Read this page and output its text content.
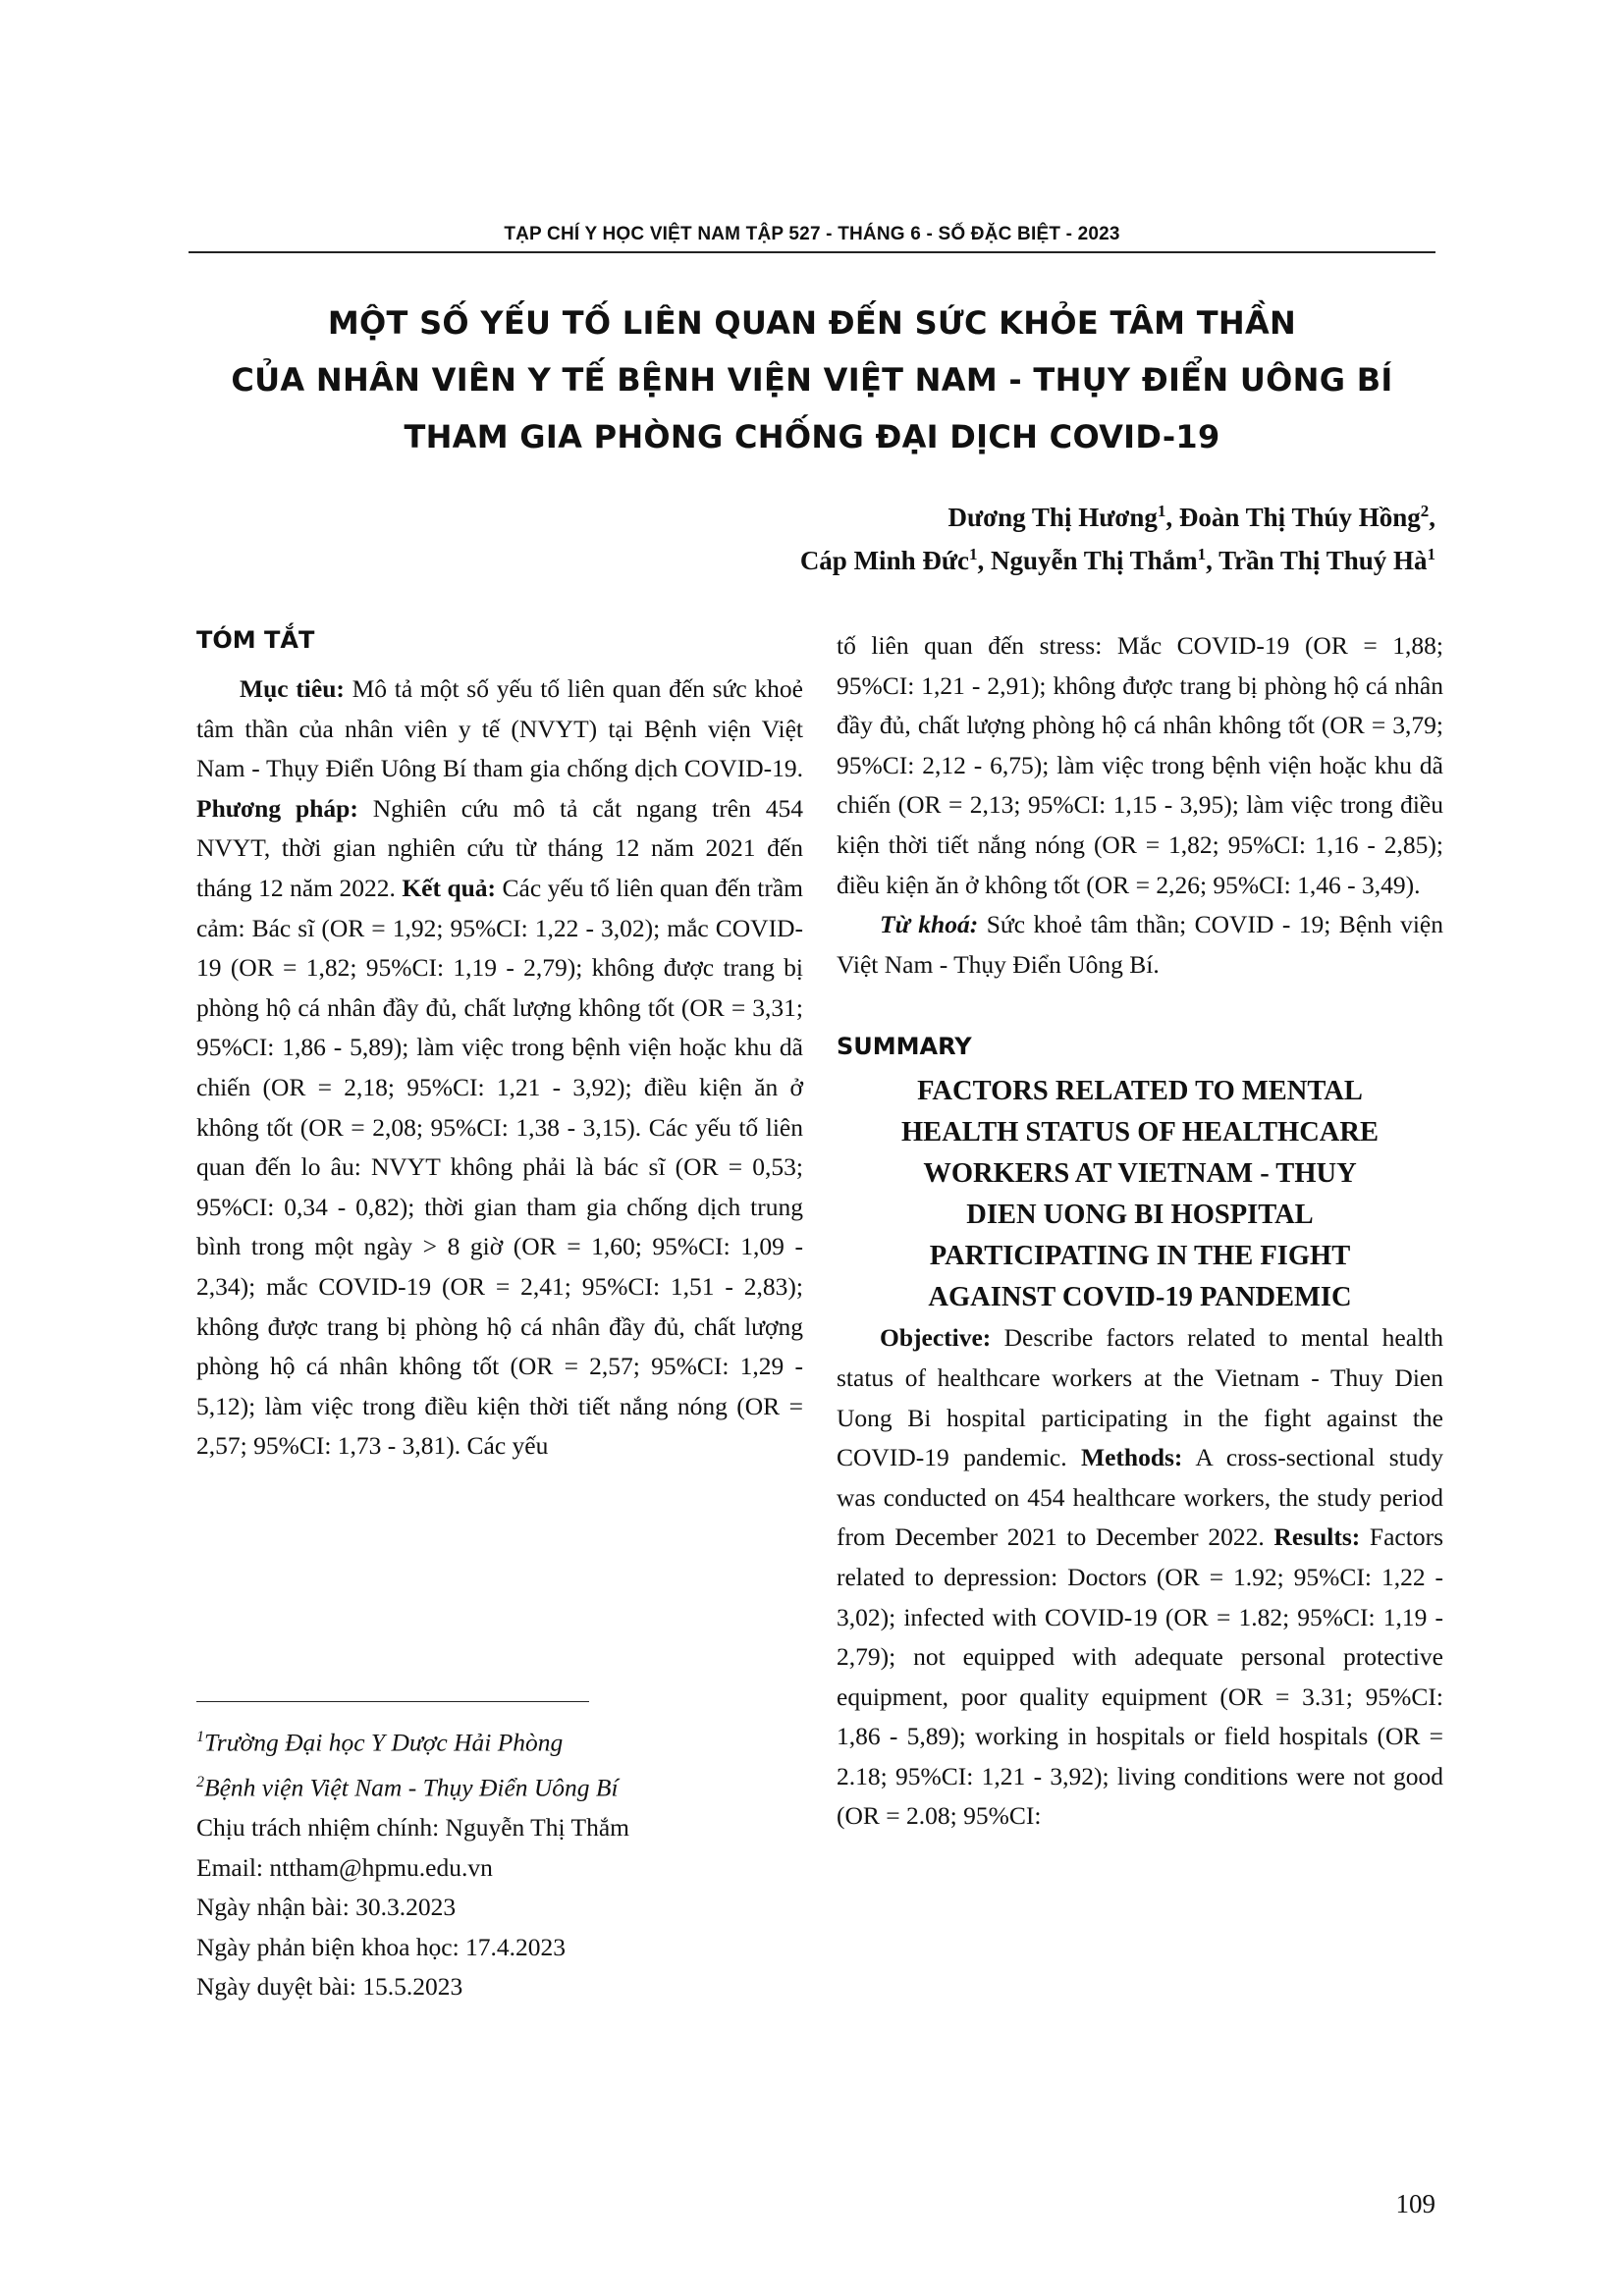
TẠP CHÍ Y HỌC VIỆT NAM TẬP 527 - THÁNG 6 - SỐ ĐẶC BIỆT - 2023
MỘT SỐ YẾU TỐ LIÊN QUAN ĐẾN SỨC KHỎE TÂM THẦN
CỦA NHÂN VIÊN Y TẾ BỆNH VIỆN VIỆT NAM - THỤY ĐIỂN UÔNG BÍ
THAM GIA PHÒNG CHỐNG ĐẠI DỊCH COVID-19
Dương Thị Hương$^1$, Đoàn Thị Thúy Hồng$^2$,
Cáp Minh Đức$^1$, Nguyễn Thị Thắm$^1$, Trần Thị Thuý $Hà^1$
TÓM TẮT

Mục tiêu: Mô tả một số yếu tố liên quan đến sức khoẻ tâm thần của nhân viên y tế (NVYT) tại Bệnh viện Việt Nam - Thụy Điển Uông Bí tham gia chống dịch COVID-19. Phương pháp: Nghiên cứu mô tả cắt ngang trên 454 NVYT, thời gian nghiên cứu từ tháng 12 năm 2021 đến tháng 12 năm 2022. Kết quả: Các yếu tố liên quan đến trầm cảm: Bác sĩ (OR = 1,92; 95%CI: 1,22 - 3,02); mắc COVID-19 (OR = 1,82; 95%CI: 1,19 - 2,79); không được trang bị phòng hộ cá nhân đầy đủ, chất lượng không tốt (OR = 3,31; 95%CI: 1,86 - 5,89); làm việc trong bệnh viện hoặc khu dã chiến (OR = 2,18; 95%CI: 1,21 - 3,92); điều kiện ăn ở không tốt (OR = 2,08; 95%CI: 1,38 - 3,15). Các yếu tố liên quan đến lo âu: NVYT không phải là bác sĩ (OR = 0,53; 95%CI: 0,34 - 0,82); thời gian tham gia chống dịch trung bình trong một ngày > 8 giờ (OR = 1,60; 95%CI: 1,09 - 2,34); mắc COVID-19 (OR = 2,41; 95%CI: 1,51 - 2,83); không được trang bị phòng hộ cá nhân đầy đủ, chất lượng phòng hộ cá nhân không tốt (OR = 2,57; 95%CI: 1,29 - 5,12); làm việc trong điều kiện thời tiết nắng nóng (OR = 2,57; 95%CI: 1,73 - 3,81). Các yếu

$^1$Trường Đại học Y Dược Hải Phòng
$^2$Bệnh viện Việt Nam - Thụy Điển Uông Bí
Chịu trách nhiệm chính: Nguyễn Thị Thắm
Email: nttham@hpmu.edu.vn
Ngày nhận bài: 30.3.2023
Ngày phản biện khoa học: 17.4.2023
Ngày duyệt bài: 15.5.2023

tố liên quan đến stress: Mắc COVID-19 (OR = 1,88; 95%CI: 1,21 - 2,91); không được trang bị phòng hộ cá nhân đầy đủ, chất lượng phòng hộ cá nhân không tốt (OR = 3,79; 95%CI: 2,12 - 6,75); làm việc trong bệnh viện hoặc khu dã chiến (OR = 2,13; 95%CI: 1,15 - 3,95); làm việc trong điều kiện thời tiết nắng nóng (OR = 1,82; 95%CI: 1,16 - 2,85); điều kiện ăn ở không tốt (OR = 2,26; 95%CI: 1,46 - 3,49).

Từ khoá: Sức khoẻ tâm thần; COVID - 19; Bệnh viện Việt Nam - Thụy Điển Uông Bí.

SUMMARY
FACTORS RELATED TO MENTAL
HEALTH STATUS OF HEALTHCARE
WORKERS AT VIETNAM - THUY
DIEN UONG BI HOSPITAL
PARTICIPATING IN THE FIGHT
AGAINST COVID-19 PANDEMIC

Objective: Describe factors related to mental health status of healthcare workers at the Vietnam - Thuy Dien Uong Bi hospital participating in the fight against the COVID-19 pandemic. Methods: A cross-sectional study was conducted on 454 healthcare workers, the study period from December 2021 to December 2022. Results: Factors related to depression: Doctors (OR = 1.92; 95%CI: 1,22 - 3,02); infected with COVID-19 (OR = 1.82; 95%CI: 1,19 - 2,79); not equipped with adequate personal protective equipment, poor quality equipment (OR = 3.31; 95%CI: 1,86 - 5,89); working in hospitals or field hospitals (OR = 2.18; 95%CI: 1,21 - 3,92); living conditions were not good (OR = 2.08; 95%CI:

109
